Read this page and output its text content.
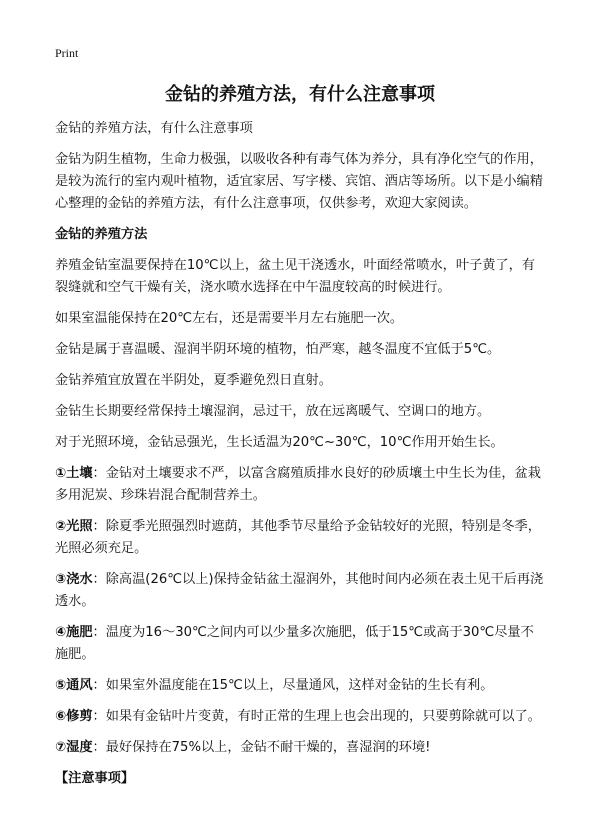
Print
金钻的养殖方法，有什么注意事项

金钻的养殖方法，有什么注意事项

金钻为阴生植物，生命力极强，以吸收各种有毒气体为养分，具有净化空气的作用，是较为流行的室内观叶植物，适宜家居、写字楼、宾馆、酒店等场所。以下是小编精心整理的金钻的养殖方法，有什么注意事项，仅供参考，欢迎大家阅读。

金钻的养殖方法

养殖金钻室温要保持在10℃以上，盆土见干浇透水，叶面经常喷水，叶子黄了，有裂缝就和空气干燥有关，浇水喷水选择在中午温度较高的时候进行。

如果室温能保持在20℃左右，还是需要半月左右施肥一次。

金钻是属于喜温暖、湿润半阴环境的植物，怕严寒，越冬温度不宜低于5℃。

金钻养殖宜放置在半阴处，夏季避免烈日直射。

金钻生长期要经常保持土壤湿润，忌过干，放在远离暖气、空调口的地方。

对于光照环境，金钻忌强光，生长适温为20℃~30℃，10℃作用开始生长。

①土壤：金钻对土壤要求不严，以富含腐殖质排水良好的砂质壤土中生长为佳，盆栽多用泥炭、珍珠岩混合配制营养土。

②光照：除夏季光照强烈时遮荫，其他季节尽量给予金钻较好的光照，特别是冬季，光照必须充足。

③浇水：除高温(26℃以上)保持金钻盆土湿润外，其他时间内必须在表土见干后再浇透水。

④施肥：温度为16～30℃之间内可以少量多次施肥，低于15℃或高于30℃尽量不施肥。

⑤通风：如果室外温度能在15℃以上，尽量通风，这样对金钻的生长有利。

⑥修剪：如果有金钻叶片变黄，有时正常的生理上也会出现的，只要剪除就可以了。

⑦湿度：最好保持在75%以上，金钻不耐干燥的，喜湿润的环境!

【注意事项】
